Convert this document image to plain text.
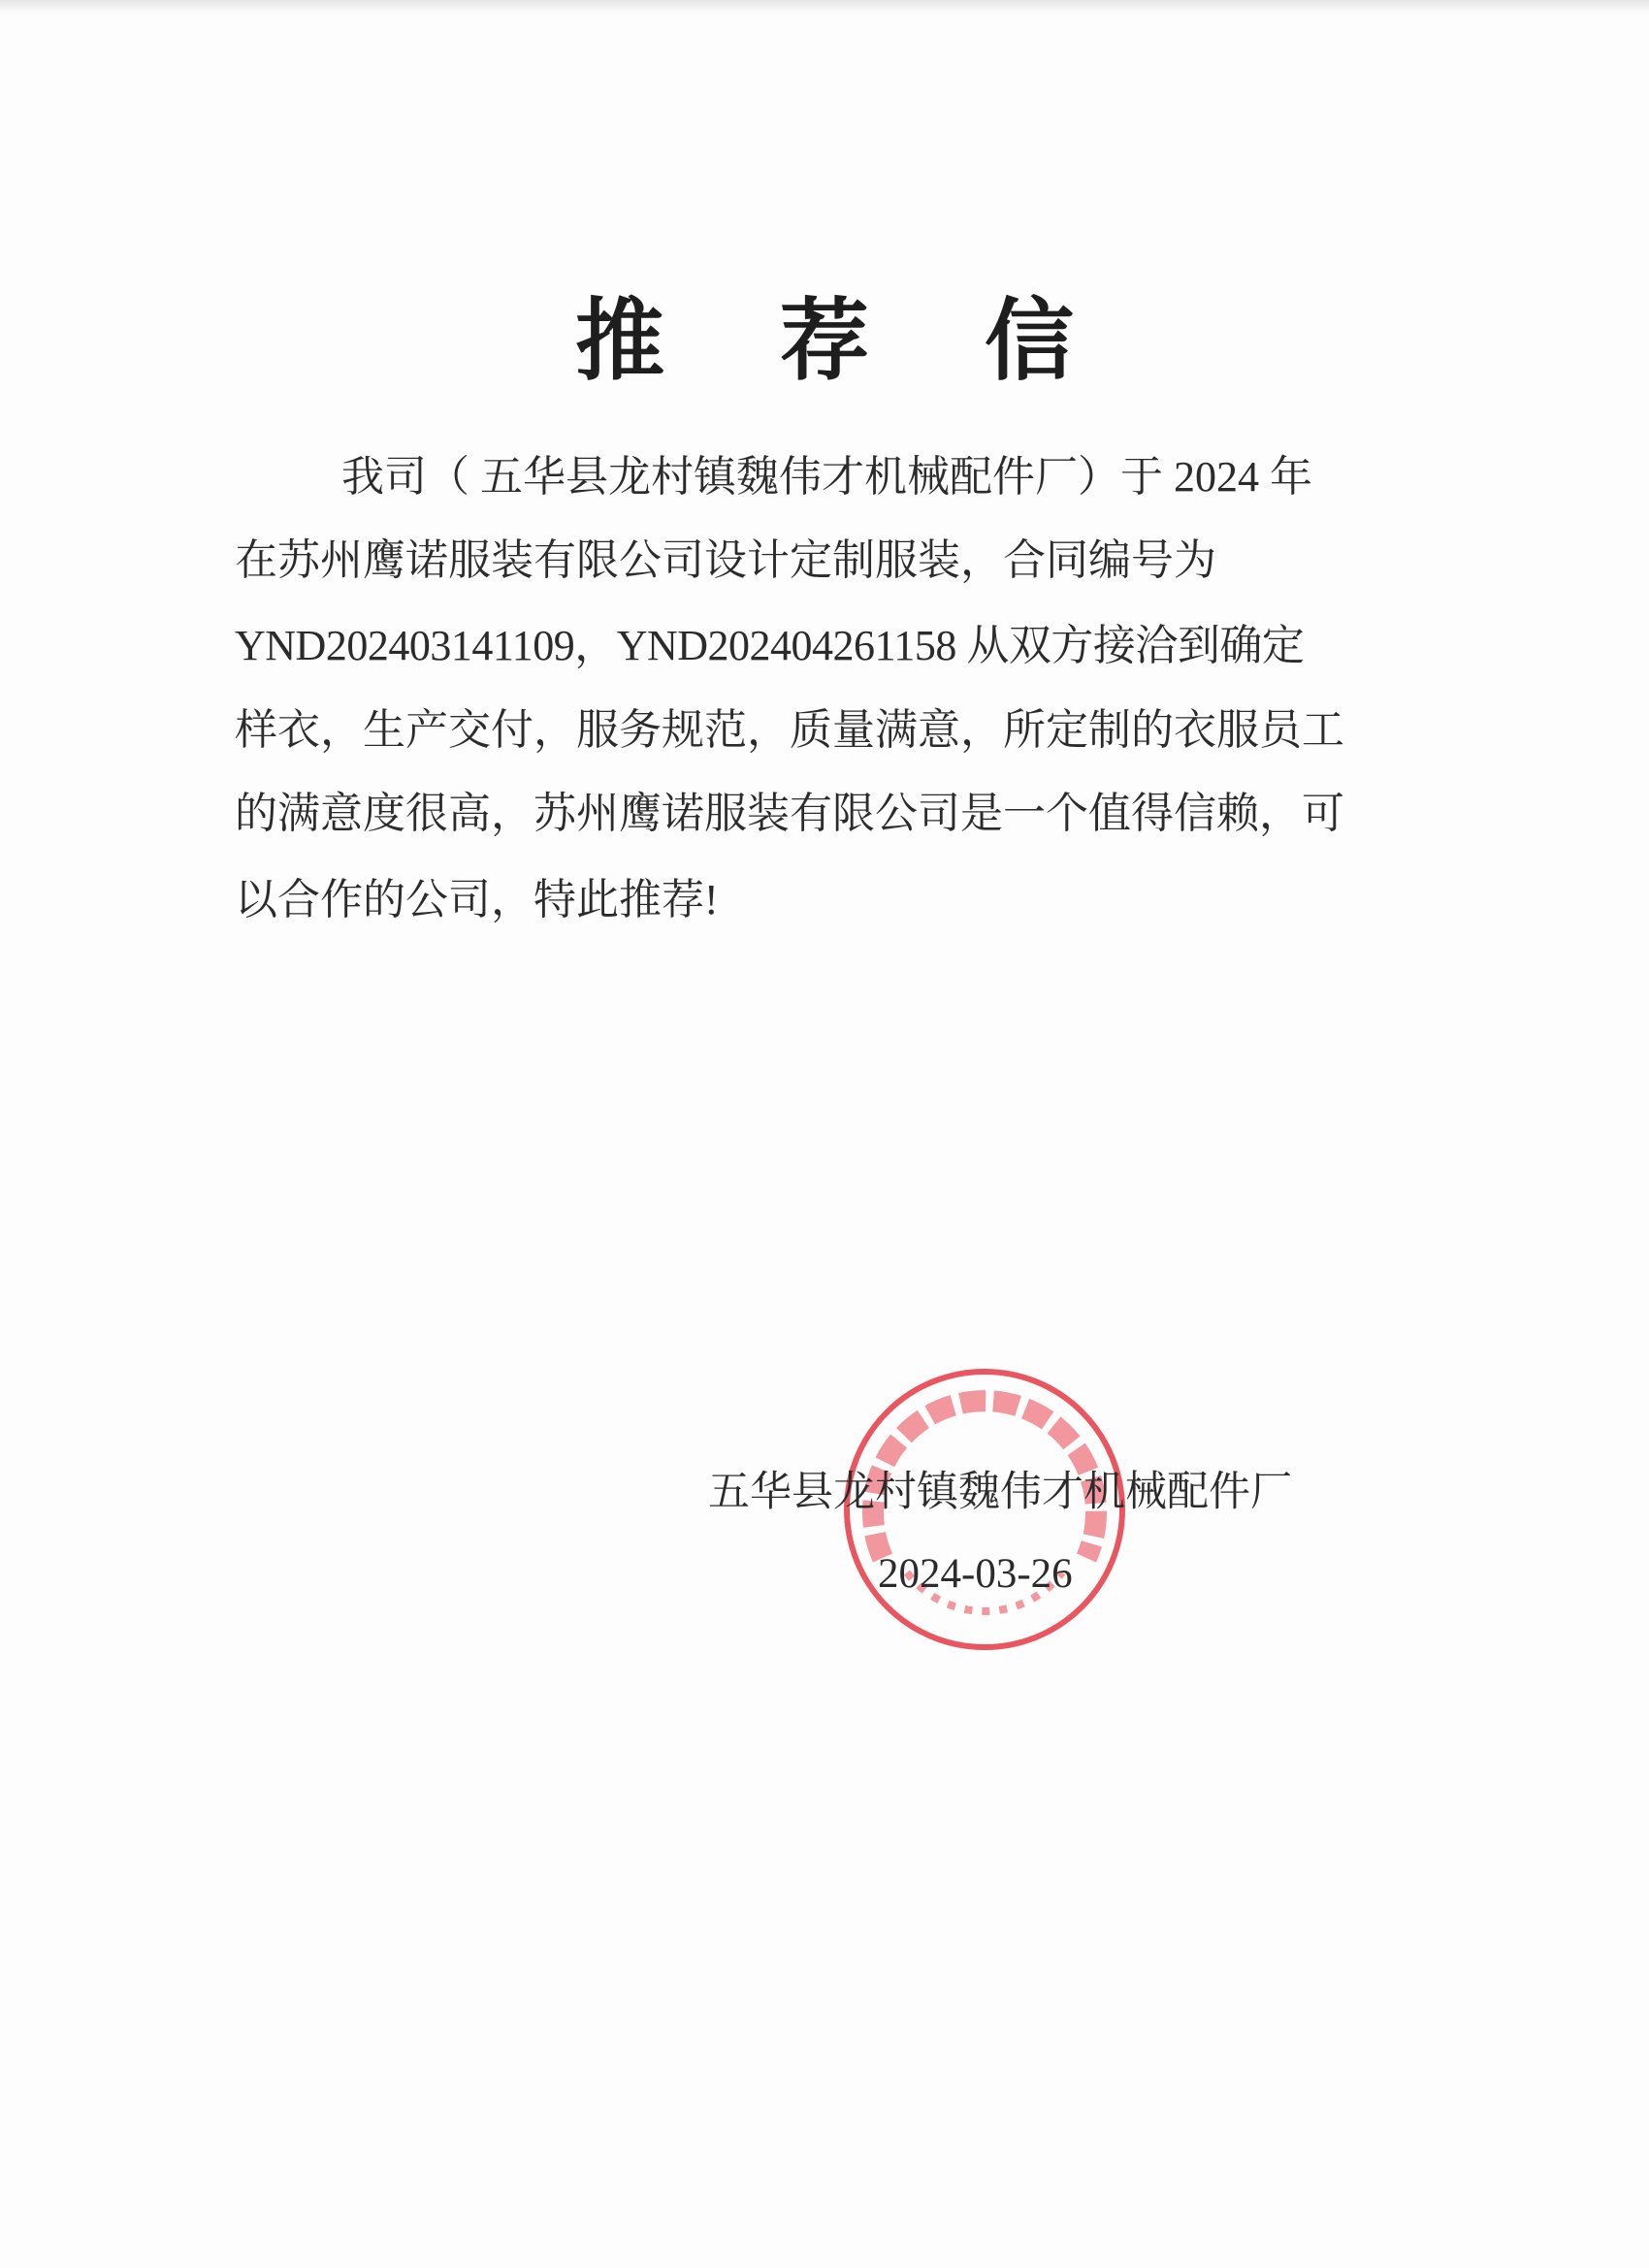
推 荐 信
我司（ 五华县龙村镇魏伟才机械配件厂）于 2024 年
在苏州鹰诺服装有限公司设计定制服装，合同编号为
YND202403141109，YND202404261158 从双方接洽到确定
样衣，生产交付，服务规范，质量满意，所定制的衣服员工
的满意度很高，苏州鹰诺服装有限公司是一个值得信赖，可
以合作的公司，特此推荐!
五华县龙村镇魏伟才机械配件厂
2024-03-26
